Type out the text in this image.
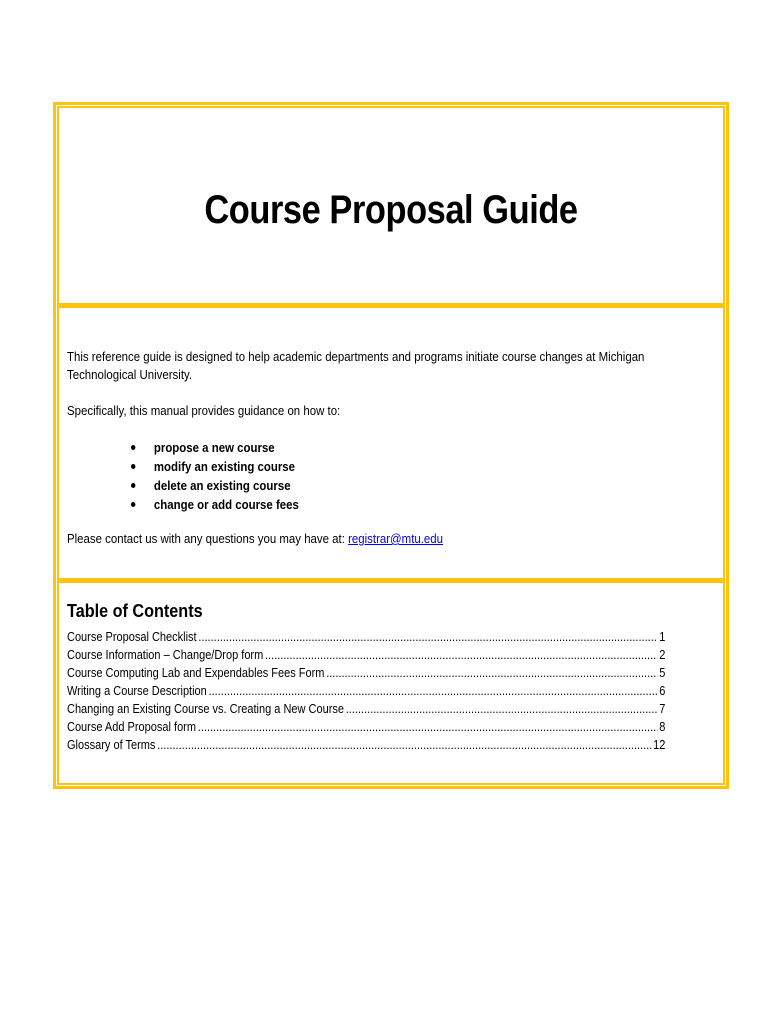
Course Proposal Guide

This reference guide is designed to help academic departments and programs initiate course changes at Michigan Technological University.

Specifically, this manual provides guidance on how to:

propose a new course
modify an existing course
delete an existing course
change or add course fees

Please contact us with any questions you may have at: registrar@mtu.edu

Table of Contents
Course Proposal Checklist .....	1
Course Information – Change/Drop form .....	2
Course Computing Lab and Expendables Fees Form .....	5
Writing a Course Description .....	6
Changing an Existing Course vs. Creating a New Course .....	7
Course Add Proposal form .....	8
Glossary of Terms .....	12
